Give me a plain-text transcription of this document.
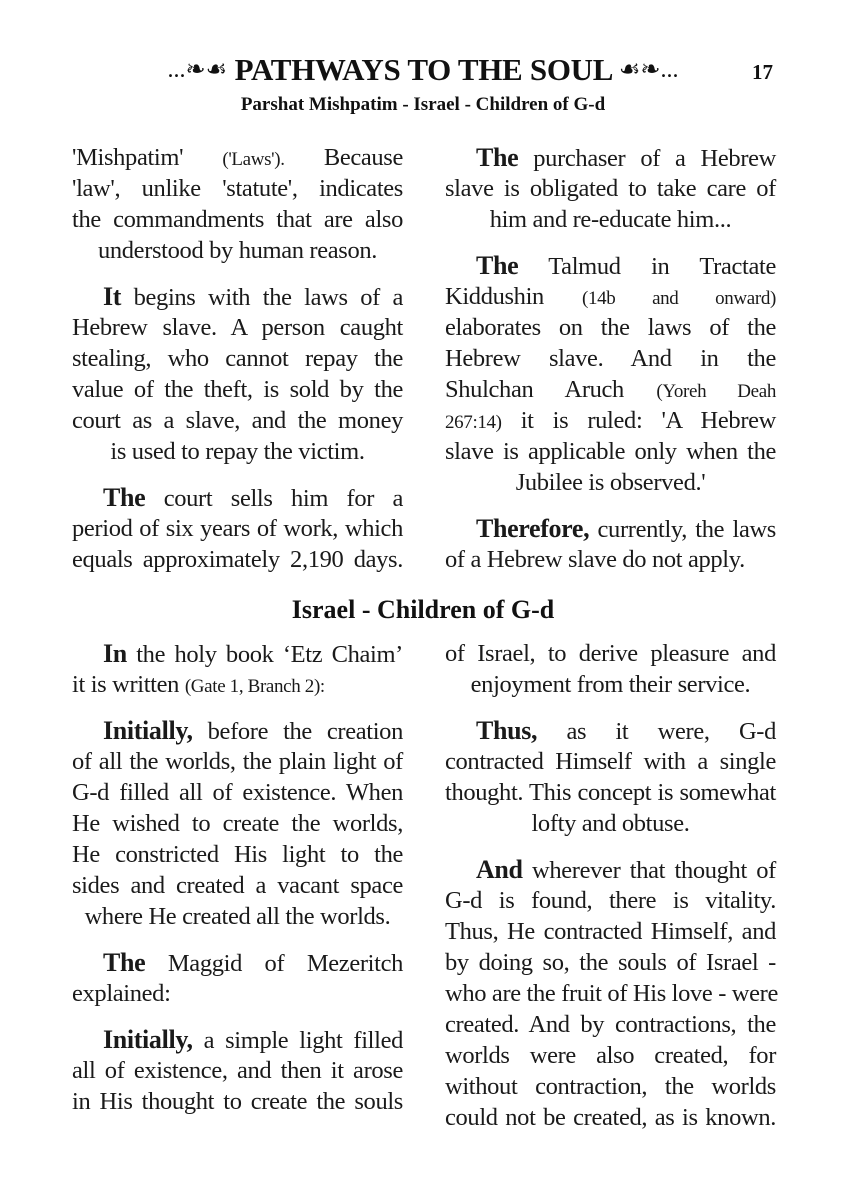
...❧☙ PATHWAYS TO THE SOUL ☙❧...	17
Parshat Mishpatim - Israel - Children of G-d
'Mishpatim' ('Laws'). Because
'law', unlike 'statute', indicates
the commandments that are also
understood by human reason.
It begins with the laws of a
Hebrew slave. A person caught
stealing, who cannot repay the
value of the theft, is sold by the
court as a slave, and the money
is used to repay the victim.
The court sells him for a
period of six years of work, which
equals approximately 2,190 days.
The purchaser of a Hebrew
slave is obligated to take care of
him and re-educate him...
The Talmud in Tractate
Kiddushin (14b and onward)
elaborates on the laws of the
Hebrew slave. And in the
Shulchan Aruch (Yoreh Deah
267:14) it is ruled: 'A Hebrew
slave is applicable only when the
Jubilee is observed.'
Therefore, currently, the laws
of a Hebrew slave do not apply.
Israel - Children of G-d
In the holy book ‘Etz Chaim’
it is written (Gate 1, Branch 2):
Initially, before the creation
of all the worlds, the plain light of
G-d filled all of existence. When
He wished to create the worlds,
He constricted His light to the
sides and created a vacant space
where He created all the worlds.
The Maggid of Mezeritch
explained:
Initially, a simple light filled
all of existence, and then it arose
in His thought to create the souls
of Israel, to derive pleasure and
enjoyment from their service.
Thus, as it were, G-d
contracted Himself with a single
thought. This concept is somewhat
lofty and obtuse.
And wherever that thought of
G-d is found, there is vitality.
Thus, He contracted Himself, and
by doing so, the souls of Israel -
who are the fruit of His love - were
created. And by contractions, the
worlds were also created, for
without contraction, the worlds
could not be created, as is known.
